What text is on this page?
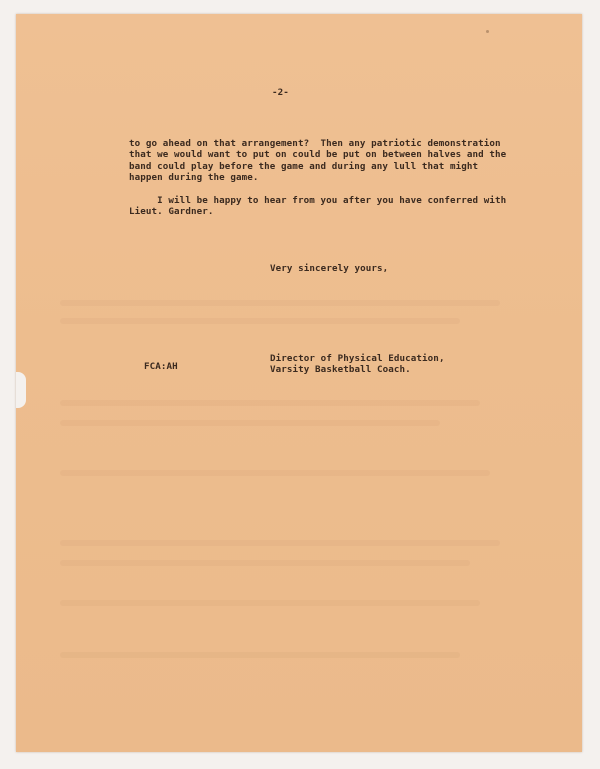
-2-
to go ahead on that arrangement?  Then any patriotic demonstration
that we would want to put on could be put on between halves and the
band could play before the game and during any lull that might
happen during the game.
I will be happy to hear from you after you have conferred with
Lieut. Gardner.
Very sincerely yours,
Director of Physical Education,
Varsity Basketball Coach.
FCA:AH
